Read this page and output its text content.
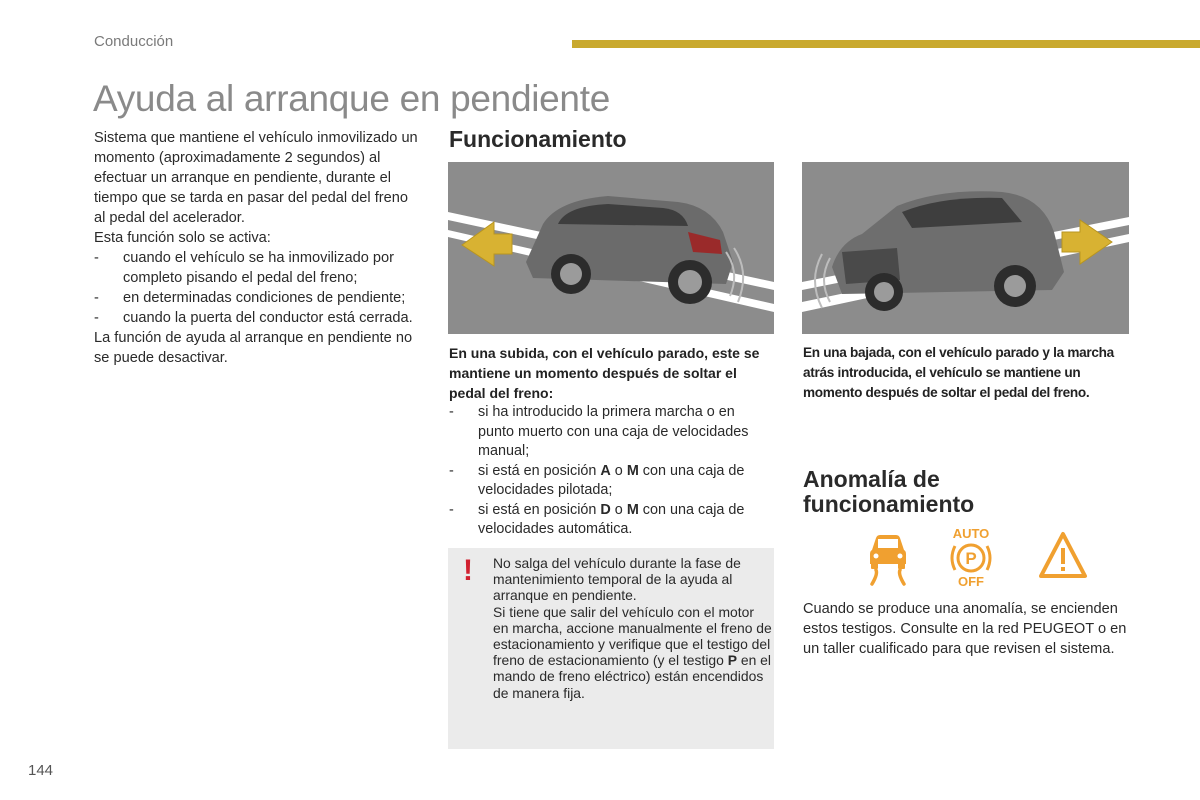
Conducción
Ayuda al arranque en pendiente

Sistema que mantiene el vehículo inmovilizado un momento (aproximadamente 2 segundos) al efectuar un arranque en pendiente, durante el tiempo que se tarda en pasar del pedal del freno al pedal del acelerador.

Esta función solo se activa:

- cuando el vehículo se ha inmovilizado por completo pisando el pedal del freno;
- en determinadas condiciones de pendiente;
- cuando la puerta del conductor está cerrada.

La función de ayuda al arranque en pendiente no se puede desactivar.

Funcionamiento
En una subida, con el vehículo parado, este se mantiene un momento después de soltar el pedal del freno:
- si ha introducido la primera marcha o en punto muerto con una caja de velocidades manual;
- si está en posición A o M con una caja de velocidades pilotada;
- si está en posición D o M con una caja de velocidades automática.
! No salga del vehículo durante la fase de mantenimiento temporal de la ayuda al arranque en pendiente.
Si tiene que salir del vehículo con el motor en marcha, accione manualmente el freno de estacionamiento y verifique que el testigo del freno de estacionamiento (y el testigo P en el mando de freno eléctrico) están encendidos de manera fija.
En una bajada, con el vehículo parado y la marcha atrás introducida, el vehículo se mantiene un momento después de soltar el pedal del freno.
Anomalía de
funcionamiento
AUTO
P
OFF
Cuando se produce una anomalía, se encienden estos testigos. Consulte en la red PEUGEOT o en un taller cualificado para que revisen el sistema.
144
